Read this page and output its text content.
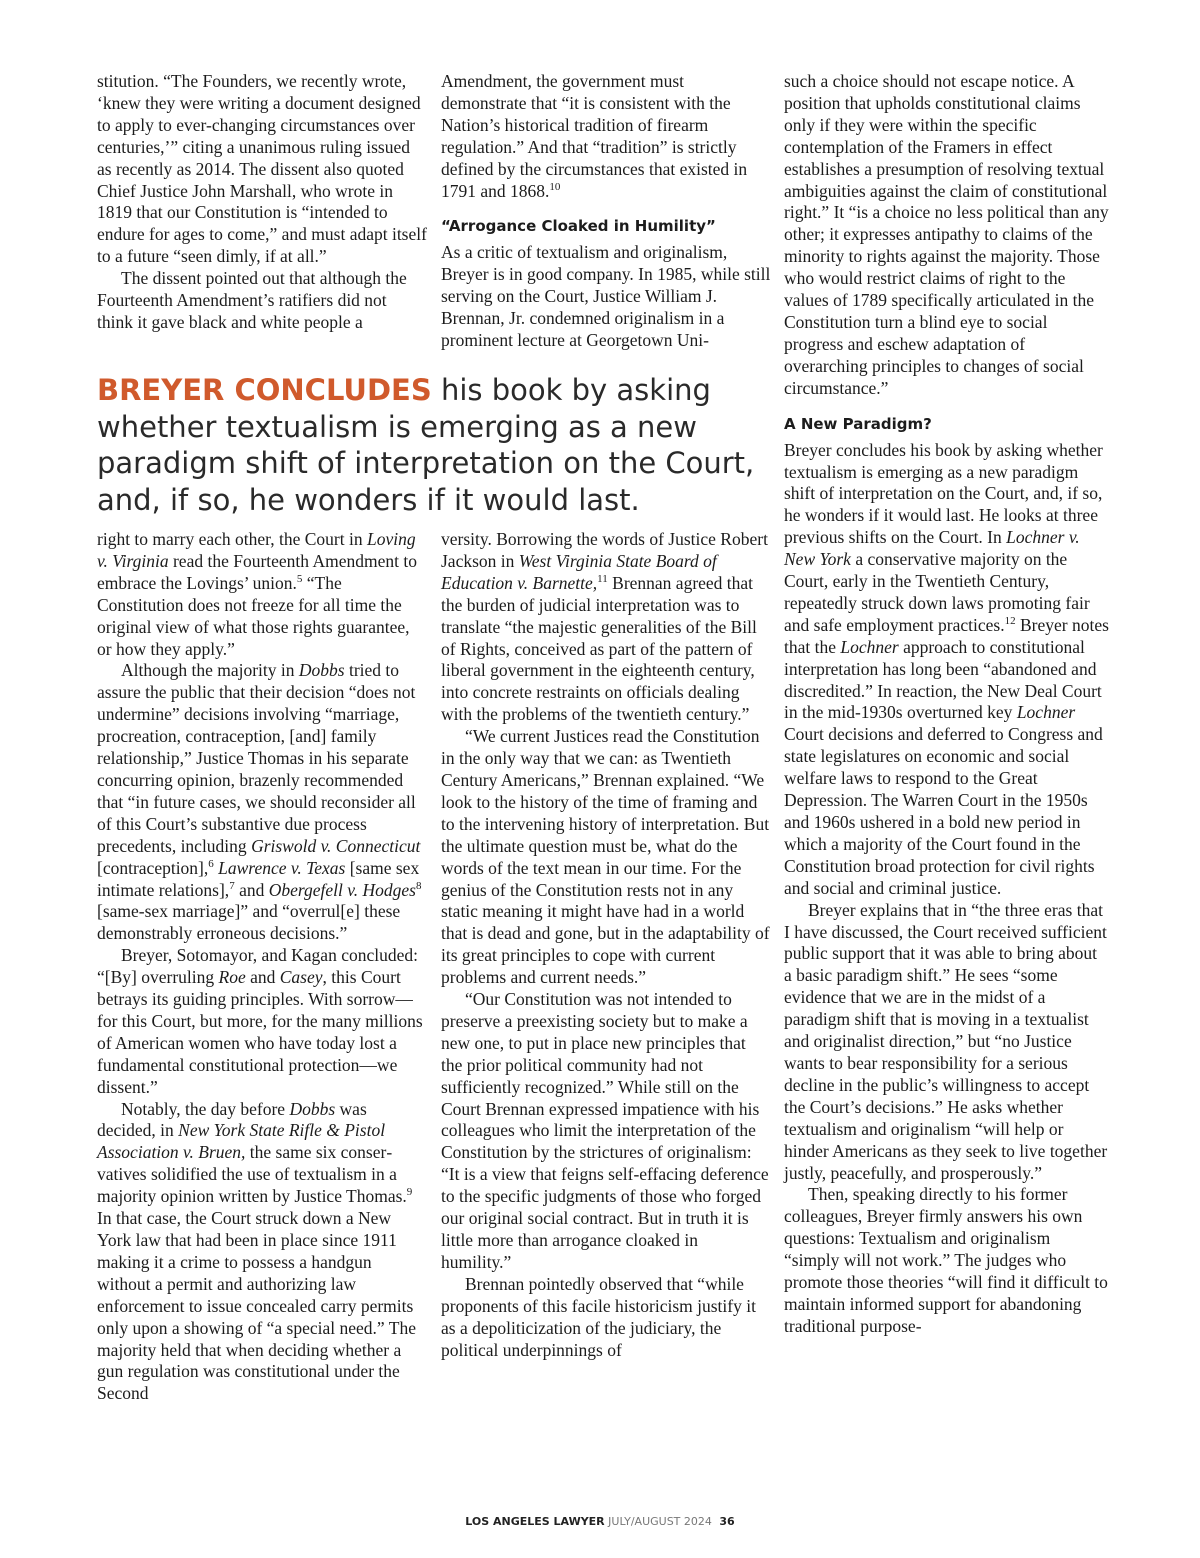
stitution. “The Founders, we recently wrote, ‘knew they were writing a document designed to apply to ever-changing circumstances over centuries,’” citing a unanimous ruling issued as recently as 2014. The dissent also quoted Chief Justice John Marshall, who wrote in 1819 that our Constitution is “intended to endure for ages to come,” and must adapt itself to a future “seen dimly, if at all.”

The dissent pointed out that although the Fourteenth Amendment’s ratifiers did not think it gave black and white people a

Amendment, the government must demonstrate that “it is consistent with the Nation’s historical tradition of firearm regulation.” And that “tradition” is strictly defined by the circumstances that existed in 1791 and 1868.10

“Arrogance Cloaked in Humility”

As a critic of textualism and originalism, Breyer is in good company. In 1985, while still serving on the Court, Justice William J. Brennan, Jr. condemned originalism in a prominent lecture at Georgetown Uni-

BREYER CONCLUDES his book by asking whether textualism is emerging as a new paradigm shift of interpretation on the Court, and, if so, he wonders if it would last.

right to marry each other, the Court in Loving v. Virginia read the Fourteenth Amendment to embrace the Lovings’ union.$^5$ “The Constitution does not freeze for all time the original view of what those rights guarantee, or how they apply.”

Although the majority in Dobbs tried to assure the public that their decision “does not undermine” decisions involving “marriage, procreation, contraception, [and] family relationship,” Justice Thomas in his separate concurring opinion, brazenly recommended that “in future cases, we should reconsider all of this Court’s substantive due process precedents, including Griswold v. Connecticut [contraception],$^6$ Lawrence v. Texas [same sex intimate relations],$^7$ and Obergefell v. Hodges$^8$ [same-sex marriage]” and “overrul[e] these demonstrably erroneous decisions.”

Breyer, Sotomayor, and Kagan concluded: “[By] overruling Roe and Casey, this Court betrays its guiding principles. With sorrow—for this Court, but more, for the many millions of American women who have today lost a fundamental constitutional protection—we dissent.”

Notably, the day before Dobbs was decided, in New York State Rifle & Pistol Association v. Bruen, the same six conservatives solidified the use of textualism in a majority opinion written by Justice Thomas.$^9$ In that case, the Court struck down a New York law that had been in place since 1911 making it a crime to possess a handgun without a permit and authorizing law enforcement to issue concealed carry permits only upon a showing of “a special need.” The majority held that when deciding whether a gun regulation was constitutional under the Second

versity. Borrowing the words of Justice Robert Jackson in West Virginia State Board of Education v. Barnette,$^{11}$ Brennan agreed that the burden of judicial interpretation was to translate “the majestic generalities of the Bill of Rights, conceived as part of the pattern of liberal government in the eighteenth century, into concrete restraints on officials dealing with the problems of the twentieth century.”

“We current Justices read the Constitution in the only way that we can: as Twentieth Century Americans,” Brennan explained. “We look to the history of the time of framing and to the intervening history of interpretation. But the ultimate question must be, what do the words of the text mean in our time. For the genius of the Constitution rests not in any static meaning it might have had in a world that is dead and gone, but in the adaptability of its great principles to cope with current problems and current needs.”

“Our Constitution was not intended to preserve a preexisting society but to make a new one, to put in place new principles that the prior political community had not sufficiently recognized.” While still on the Court Brennan expressed impatience with his colleagues who limit the interpretation of the Constitution by the strictures of originalism: “It is a view that feigns self-effacing deference to the specific judgments of those who forged our original social contract. But in truth it is little more than arrogance cloaked in humility.”

Brennan pointedly observed that “while proponents of this facile historicism justify it as a depoliticization of the judiciary, the political underpinnings of

such a choice should not escape notice. A position that upholds constitutional claims only if they were within the specific contemplation of the Framers in effect establishes a presumption of resolving textual ambiguities against the claim of constitutional right.” It “is a choice no less political than any other; it expresses antipathy to claims of the minority to rights against the majority. Those who would restrict claims of right to the values of 1789 specifically articulated in the Constitution turn a blind eye to social progress and eschew adaptation of overarching principles to changes of social circumstance.”

A New Paradigm?

Breyer concludes his book by asking whether textualism is emerging as a new paradigm shift of interpretation on the Court, and, if so, he wonders if it would last. He looks at three previous shifts on the Court. In Lochner v. New York a conservative majority on the Court, early in the Twentieth Century, repeatedly struck down laws promoting fair and safe employment practices.$^{12}$ Breyer notes that the Lochner approach to constitutional interpretation has long been “abandoned and discredited.” In reaction, the New Deal Court in the mid-1930s overturned key Lochner Court decisions and deferred to Congress and state legislatures on economic and social welfare laws to respond to the Great Depression. The Warren Court in the 1950s and 1960s ushered in a bold new period in which a majority of the Court found in the Constitution broad protection for civil rights and social and criminal justice.

Breyer explains that in “the three eras that I have discussed, the Court received sufficient public support that it was able to bring about a basic paradigm shift.” He sees “some evidence that we are in the midst of a paradigm shift that is moving in a textualist and originalist direction,” but “no Justice wants to bear responsibility for a serious decline in the public’s willingness to accept the Court’s decisions.” He asks whether textualism and originalism “will help or hinder Americans as they seek to live together justly, peacefully, and prosperously.”

Then, speaking directly to his former colleagues, Breyer firmly answers his own questions: Textualism and originalism “simply will not work.” The judges who promote those theories “will find it difficult to maintain informed support for abandoning traditional purpose-

LOS ANGELES LAWYER JULY/AUGUST 2024 36
